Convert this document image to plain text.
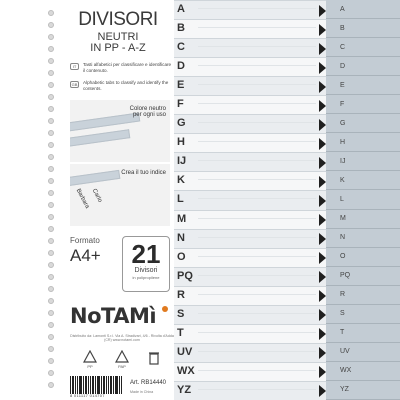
DIVISORI
NEUTRI
IN PP - A-Z
IT	Tasti alfabetici per classificare e identificare il contenuto.
GB	Alphabetic tabs to classify and identify the contents.
Colore neutro per ogni uso
Crea il tuo indice
Barbara Carlo
Formato
A4+	21
Divisori
in polipropilene
NoTAMì
Distribuito da: Lamonti S.r.l. Via A. Stradivari, 4/6 - Rivolta d'Adda (CR) www.notami.com
PP	PAP
8 011117 014707
Art. RB14440
Made in China
A
B
C
D
E
F
G
H
IJ
K
L
M
N
O
PQ
R
S
T
UV
WX
YZ
A
B
C
D
E
F
G
H
IJ
K
L
M
N
O
PQ
R
S
T
UV
WX
YZ
